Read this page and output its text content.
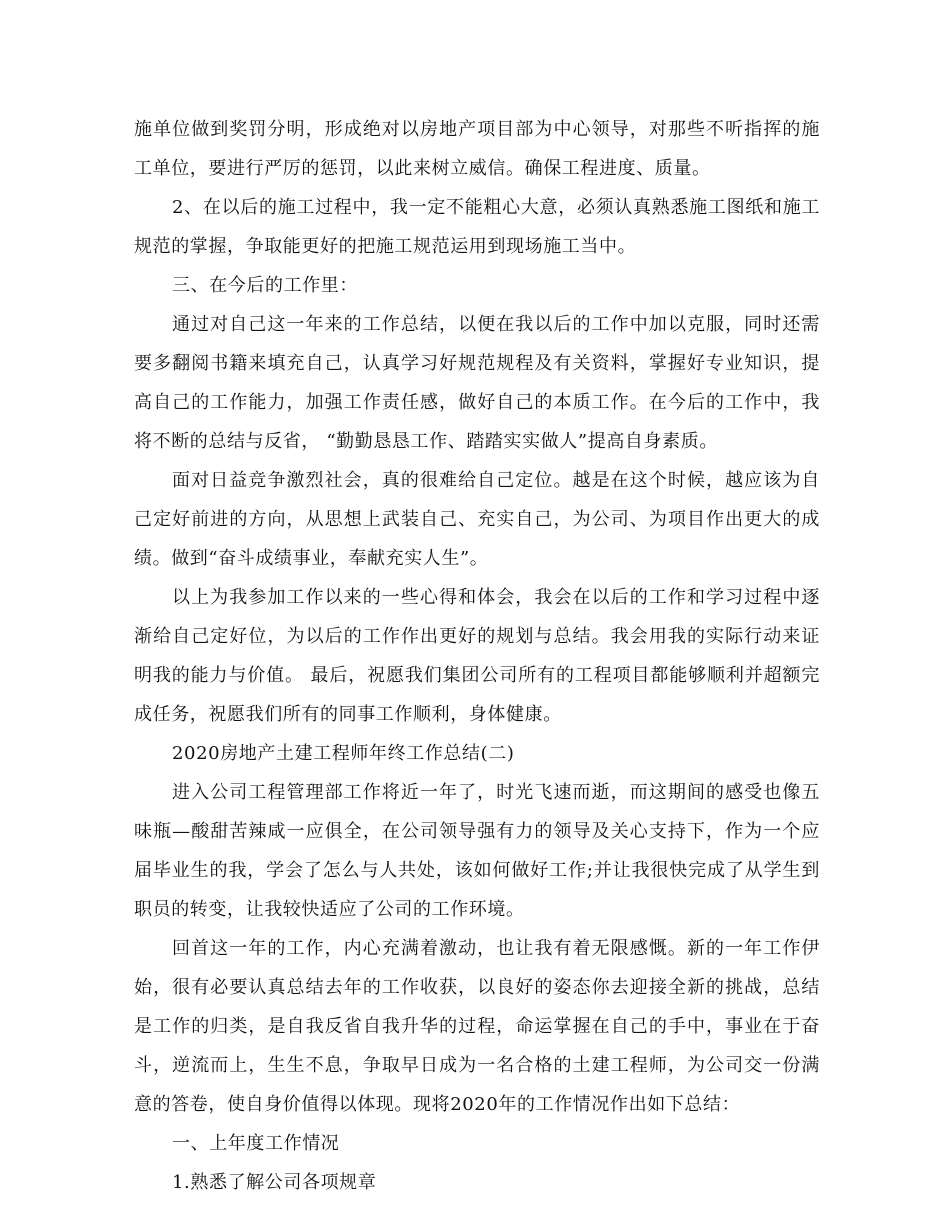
施单位做到奖罚分明，形成绝对以房地产项目部为中心领导，对那些不听指挥的施工单位，要进行严厉的惩罚，以此来树立威信。确保工程进度、质量。

2、在以后的施工过程中，我一定不能粗心大意，必须认真熟悉施工图纸和施工规范的掌握，争取能更好的把施工规范运用到现场施工当中。

三、在今后的工作里：

通过对自己这一年来的工作总结，以便在我以后的工作中加以克服，同时还需要多翻阅书籍来填充自己，认真学习好规范规程及有关资料，掌握好专业知识，提高自己的工作能力，加强工作责任感，做好自己的本质工作。在今后的工作中，我将不断的总结与反省， “勤勤恳恳工作、踏踏实实做人”提高自身素质。

面对日益竞争激烈社会，真的很难给自己定位。越是在这个时候，越应该为自己定好前进的方向，从思想上武装自己、充实自己，为公司、为项目作出更大的成绩。做到“奋斗成绩事业，奉献充实人生”。

以上为我参加工作以来的一些心得和体会，我会在以后的工作和学习过程中逐渐给自己定好位，为以后的工作作出更好的规划与总结。我会用我的实际行动来证明我的能力与价值。 最后，祝愿我们集团公司所有的工程项目都能够顺利并超额完成任务，祝愿我们所有的同事工作顺利，身体健康。

2020房地产土建工程师年终工作总结(二)

进入公司工程管理部工作将近一年了，时光飞速而逝，而这期间的感受也像五味瓶—酸甜苦辣咸一应俱全，在公司领导强有力的领导及关心支持下，作为一个应届毕业生的我，学会了怎么与人共处，该如何做好工作;并让我很快完成了从学生到职员的转变，让我较快适应了公司的工作环境。

回首这一年的工作，内心充满着激动，也让我有着无限感慨。新的一年工作伊始，很有必要认真总结去年的工作收获，以良好的姿态你去迎接全新的挑战，总结是工作的归类，是自我反省自我升华的过程，命运掌握在自己的手中，事业在于奋斗，逆流而上，生生不息，争取早日成为一名合格的土建工程师，为公司交一份满意的答卷，使自身价值得以体现。现将2020年的工作情况作出如下总结：

一、上年度工作情况

1.熟悉了解公司各项规章
